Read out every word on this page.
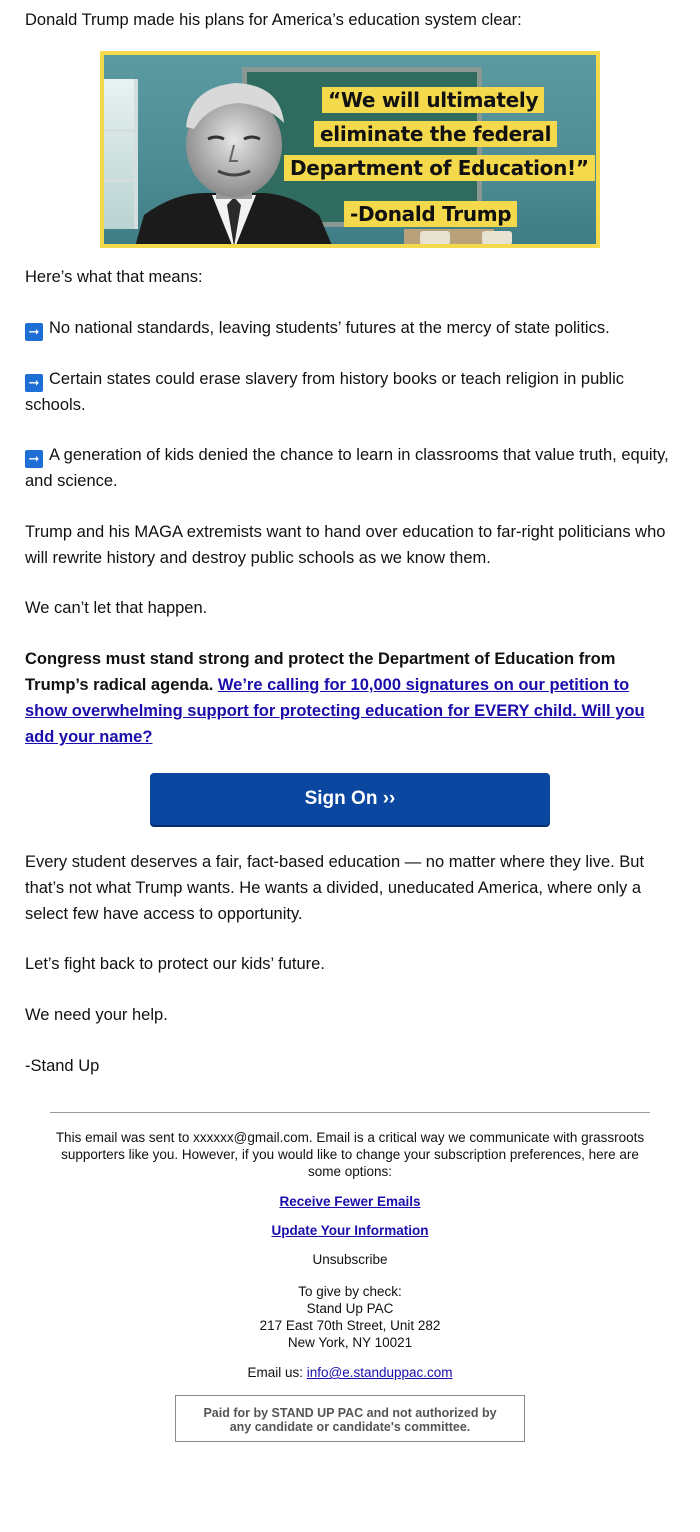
Donald Trump made his plans for America’s education system clear:

“We will ultimately
eliminate the federal
Department of Education!”
-Donald Trump

Here’s what that means:

➞ No national standards, leaving students’ futures at the mercy of state politics.

➞ Certain states could erase slavery from history books or teach religion in public schools.

➞ A generation of kids denied the chance to learn in classrooms that value truth, equity, and science.

Trump and his MAGA extremists want to hand over education to far-right politicians who will rewrite history and destroy public schools as we know them.

We can’t let that happen.

Congress must stand strong and protect the Department of Education from Trump’s radical agenda. We’re calling for 10,000 signatures on our petition to show overwhelming support for protecting education for EVERY child. Will you add your name?

Sign On ››

Every student deserves a fair, fact-based education — no matter where they live. But that’s not what Trump wants. He wants a divided, uneducated America, where only a select few have access to opportunity.

Let’s fight back to protect our kids’ future.

We need your help.

-Stand Up

This email was sent to xxxxxx@gmail.com. Email is a critical way we communicate with grassroots supporters like you. However, if you would like to change your subscription preferences, here are some options:
Receive Fewer Emails
Update Your Information
Unsubscribe
To give by check:
Stand Up PAC
217 East 70th Street, Unit 282
New York, NY 10021
Email us: info@e.standuppac.com
Paid for by STAND UP PAC and not authorized by
any candidate or candidate's committee.
